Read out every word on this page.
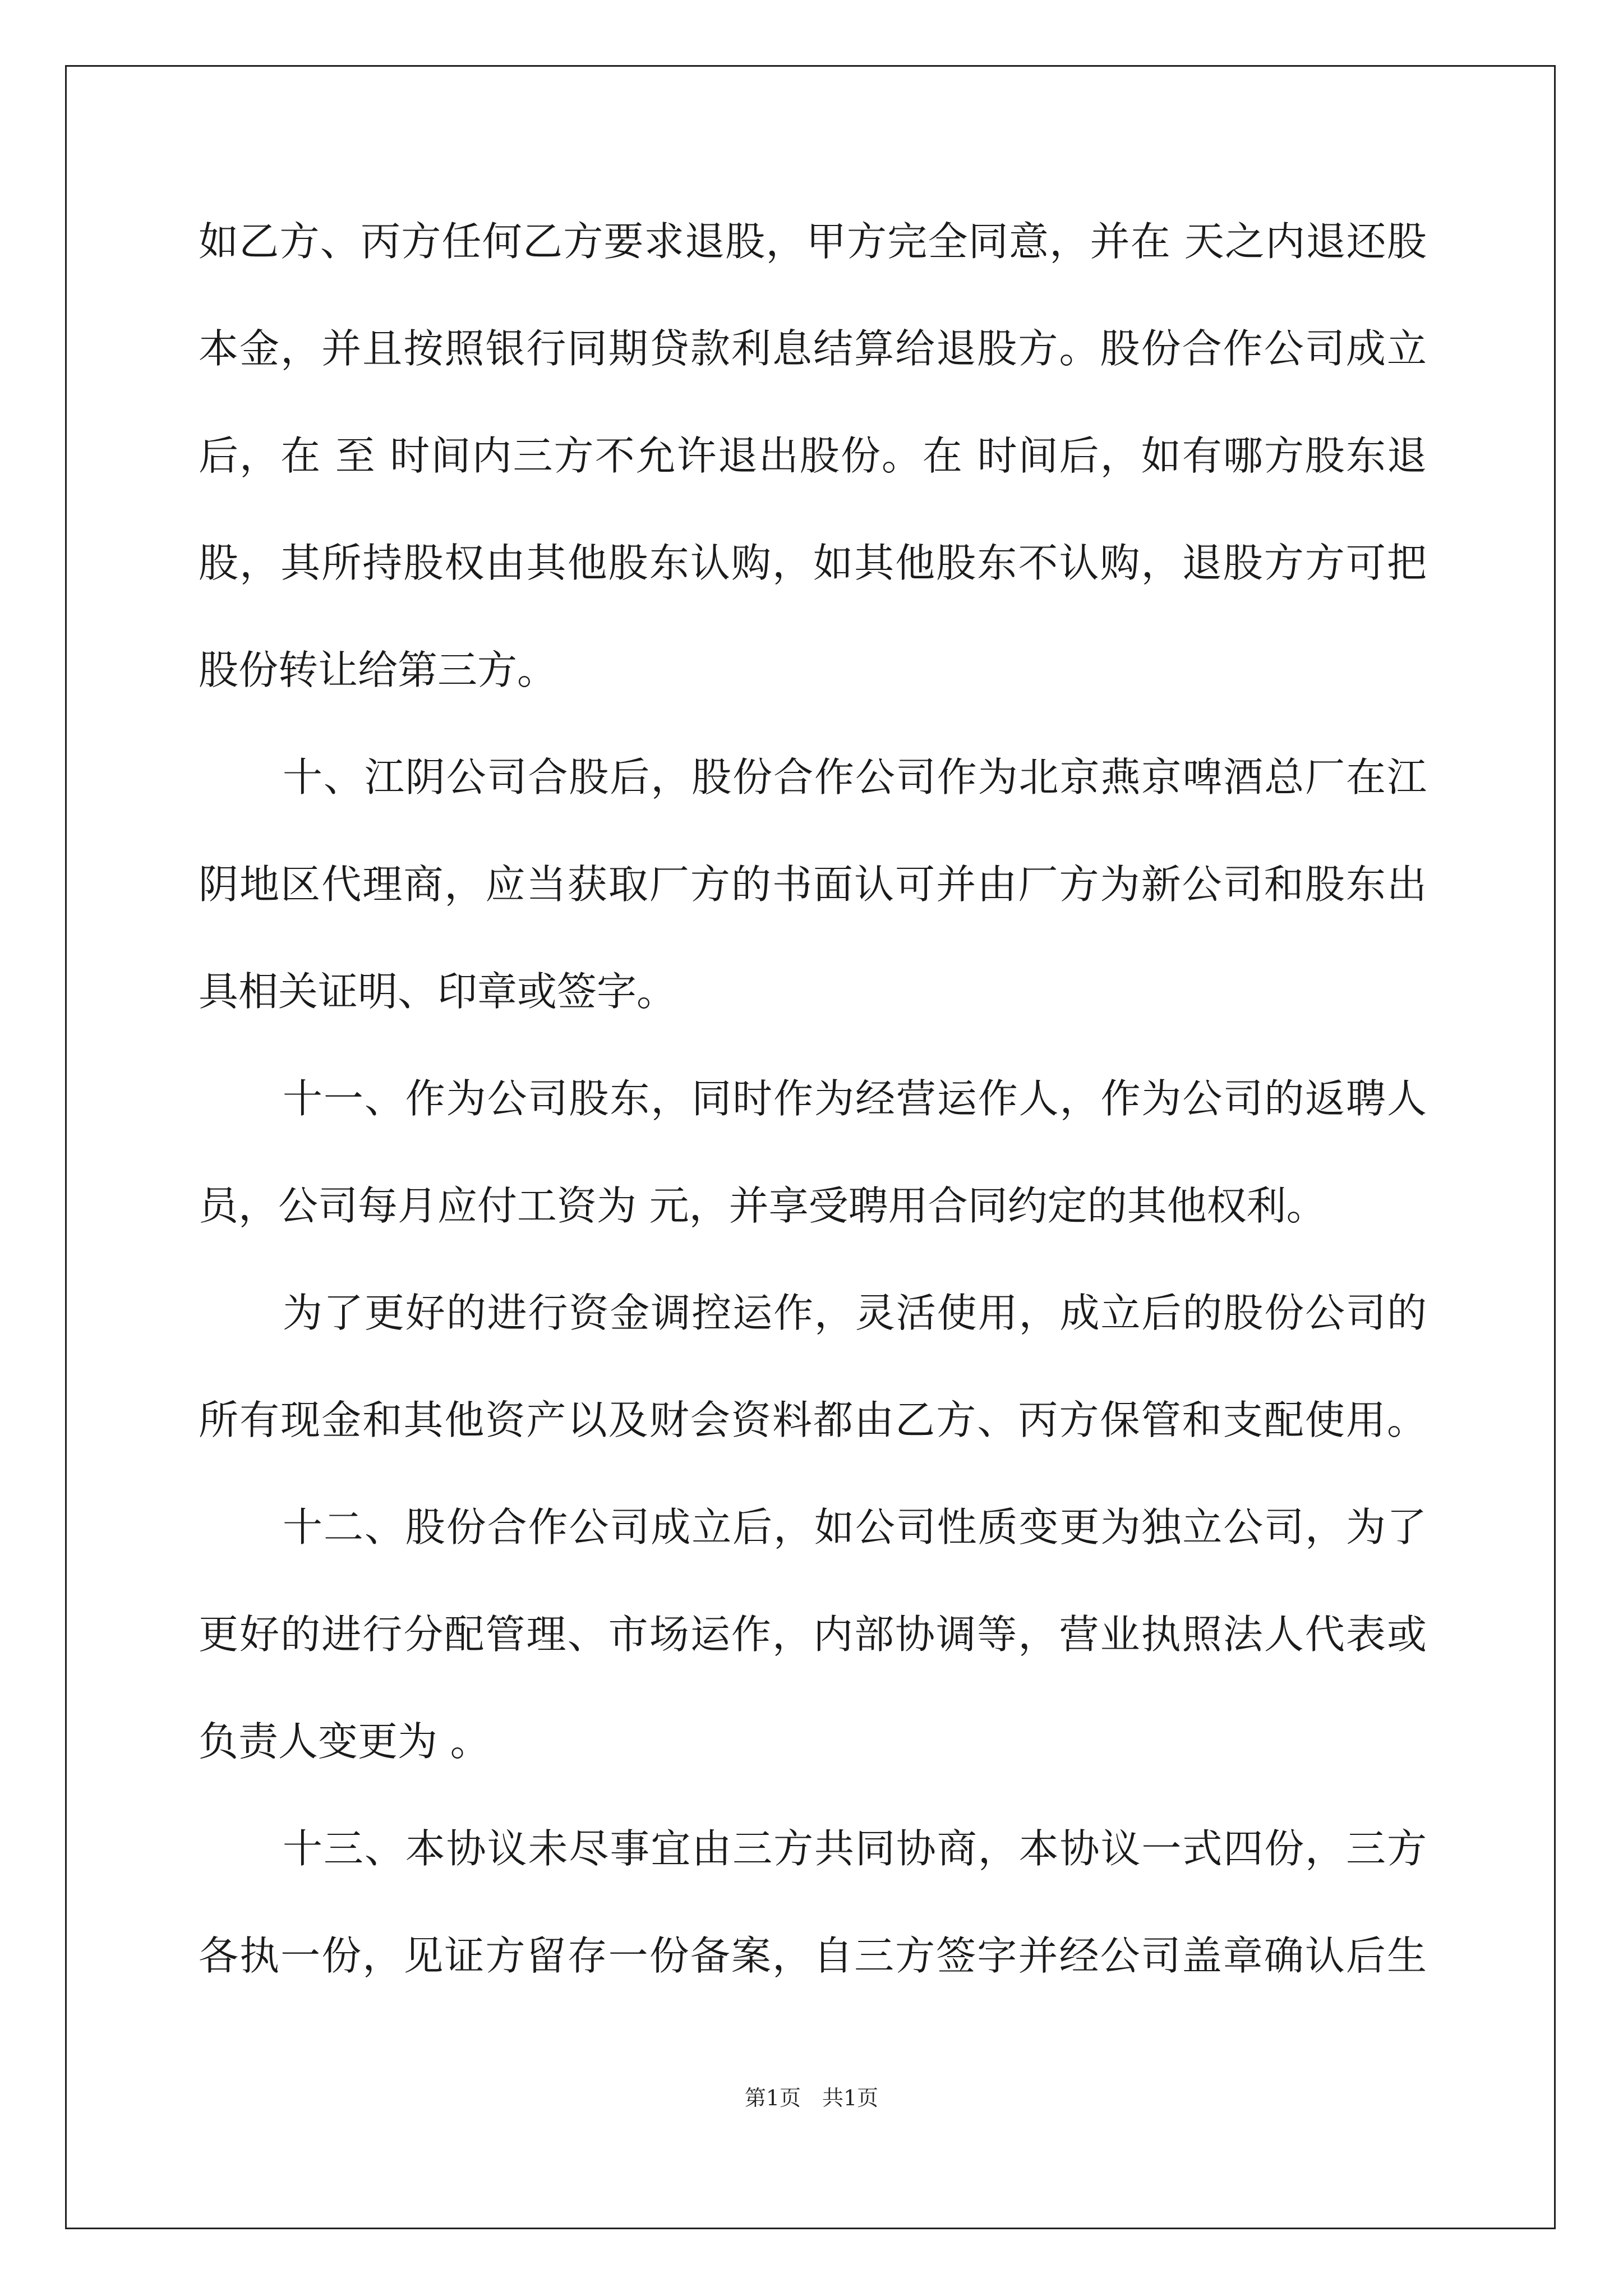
如乙方、丙方任何乙方要求退股，甲方完全同意，并在 天之内退还股
本金，并且按照银行同期贷款利息结算给退股方。股份合作公司成立
后，在 至 时间内三方不允许退出股份。在 时间后，如有哪方股东退
股，其所持股权由其他股东认购，如其他股东不认购，退股方方可把
股份转让给第三方。
十、江阴公司合股后，股份合作公司作为北京燕京啤酒总厂在江
阴地区代理商，应当获取厂方的书面认可并由厂方为新公司和股东出
具相关证明、印章或签字。
十一、作为公司股东，同时作为经营运作人，作为公司的返聘人
员，公司每月应付工资为 元，并享受聘用合同约定的其他权利。
为了更好的进行资金调控运作，灵活使用，成立后的股份公司的
所有现金和其他资产以及财会资料都由乙方、丙方保管和支配使用。
十二、股份合作公司成立后，如公司性质变更为独立公司，为了
更好的进行分配管理、市场运作，内部协调等，营业执照法人代表或
负责人变更为 。
十三、本协议未尽事宜由三方共同协商，本协议一式四份，三方
各执一份，见证方留存一份备案，自三方签字并经公司盖章确认后生
第1页　共1页
